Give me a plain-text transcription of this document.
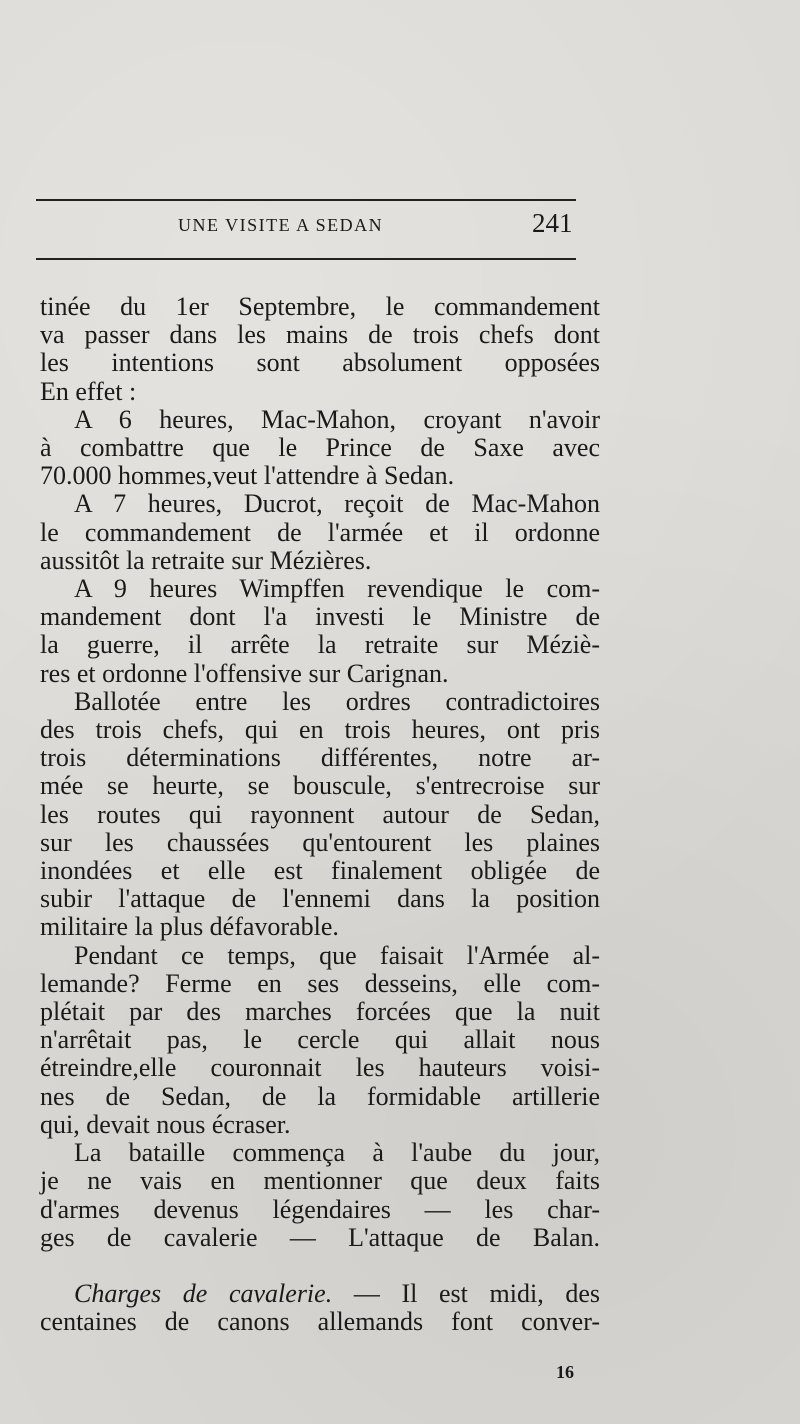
UNE VISITE A SEDAN	241
tinée du 1er Septembre, le commandement
va passer dans les mains de trois chefs dont
les intentions sont absolument opposées
En effet :
A 6 heures, Mac-Mahon, croyant n'avoir
à combattre que le Prince de Saxe avec
70.000 hommes,veut l'attendre à Sedan.
A 7 heures, Ducrot, reçoit de Mac-Mahon
le commandement de l'armée et il ordonne
aussitôt la retraite sur Mézières.
A 9 heures Wimpffen revendique le com-
mandement dont l'a investi le Ministre de
la guerre, il arrête la retraite sur Méziè-
res et ordonne l'offensive sur Carignan.
Ballotée entre les ordres contradictoires
des trois chefs, qui en trois heures, ont pris
trois déterminations différentes, notre ar-
mée se heurte, se bouscule, s'entrecroise sur
les routes qui rayonnent autour de Sedan,
sur les chaussées qu'entourent les plaines
inondées et elle est finalement obligée de
subir l'attaque de l'ennemi dans la position
militaire la plus défavorable.
Pendant ce temps, que faisait l'Armée al-
lemande? Ferme en ses desseins, elle com-
plétait par des marches forcées que la nuit
n'arrêtait pas, le cercle qui allait nous
étreindre,elle couronnait les hauteurs voisi-
nes de Sedan, de la formidable artillerie
qui, devait nous écraser.
La bataille commença à l'aube du jour,
je ne vais en mentionner que deux faits
d'armes devenus légendaires — les char-
ges de cavalerie — L'attaque de Balan.
Charges de cavalerie. — Il est midi, des
centaines de canons allemands font conver-
16
